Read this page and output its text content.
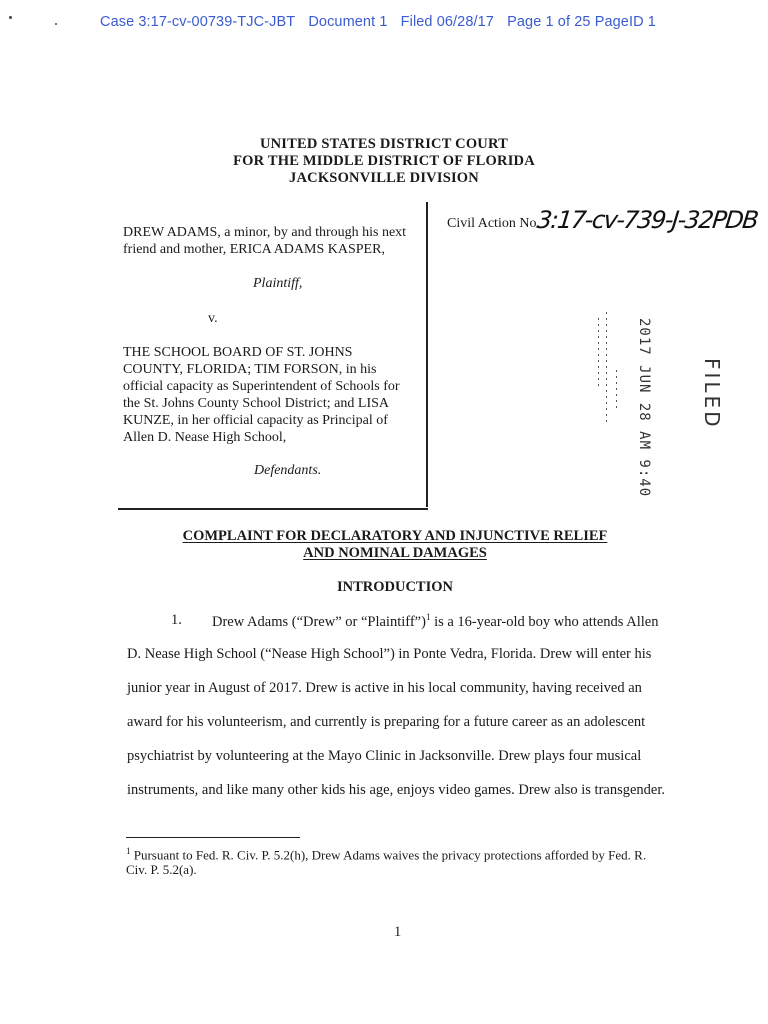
Case 3:17-cv-00739-TJC-JBT Document 1 Filed 06/28/17 Page 1 of 25 PageID 1
UNITED STATES DISTRICT COURT
FOR THE MIDDLE DISTRICT OF FLORIDA
JACKSONVILLE DIVISION
DREW ADAMS, a minor, by and through his next
friend and mother, ERICA ADAMS KASPER,
Plaintiff,
v.
THE SCHOOL BOARD OF ST. JOHNS
COUNTY, FLORIDA; TIM FORSON, in his
official capacity as Superintendent of Schools for
the St. Johns County School District; and LISA
KUNZE, in her official capacity as Principal of
Allen D. Nease High School,
Defendants.
Civil Action No.
3:17-cv-739-J-32PDB
2017 JUN 28 AM 9:40 FILED
COMPLAINT FOR DECLARATORY AND INJUNCTIVE RELIEF
AND NOMINAL DAMAGES
INTRODUCTION
1. Drew Adams (“Drew” or “Plaintiff”)$^1$ is a 16-year-old boy who attends Allen
D. Nease High School (“Nease High School”) in Ponte Vedra, Florida. Drew will enter his
junior year in August of 2017. Drew is active in his local community, having received an
award for his volunteerism, and currently is preparing for a future career as an adolescent
psychiatrist by volunteering at the Mayo Clinic in Jacksonville. Drew plays four musical
instruments, and like many other kids his age, enjoys video games. Drew also is transgender.
$^1$ Pursuant to Fed. R. Civ. P. 5.2(h), Drew Adams waives the privacy protections afforded by Fed. R.
Civ. P. 5.2(a).
1
